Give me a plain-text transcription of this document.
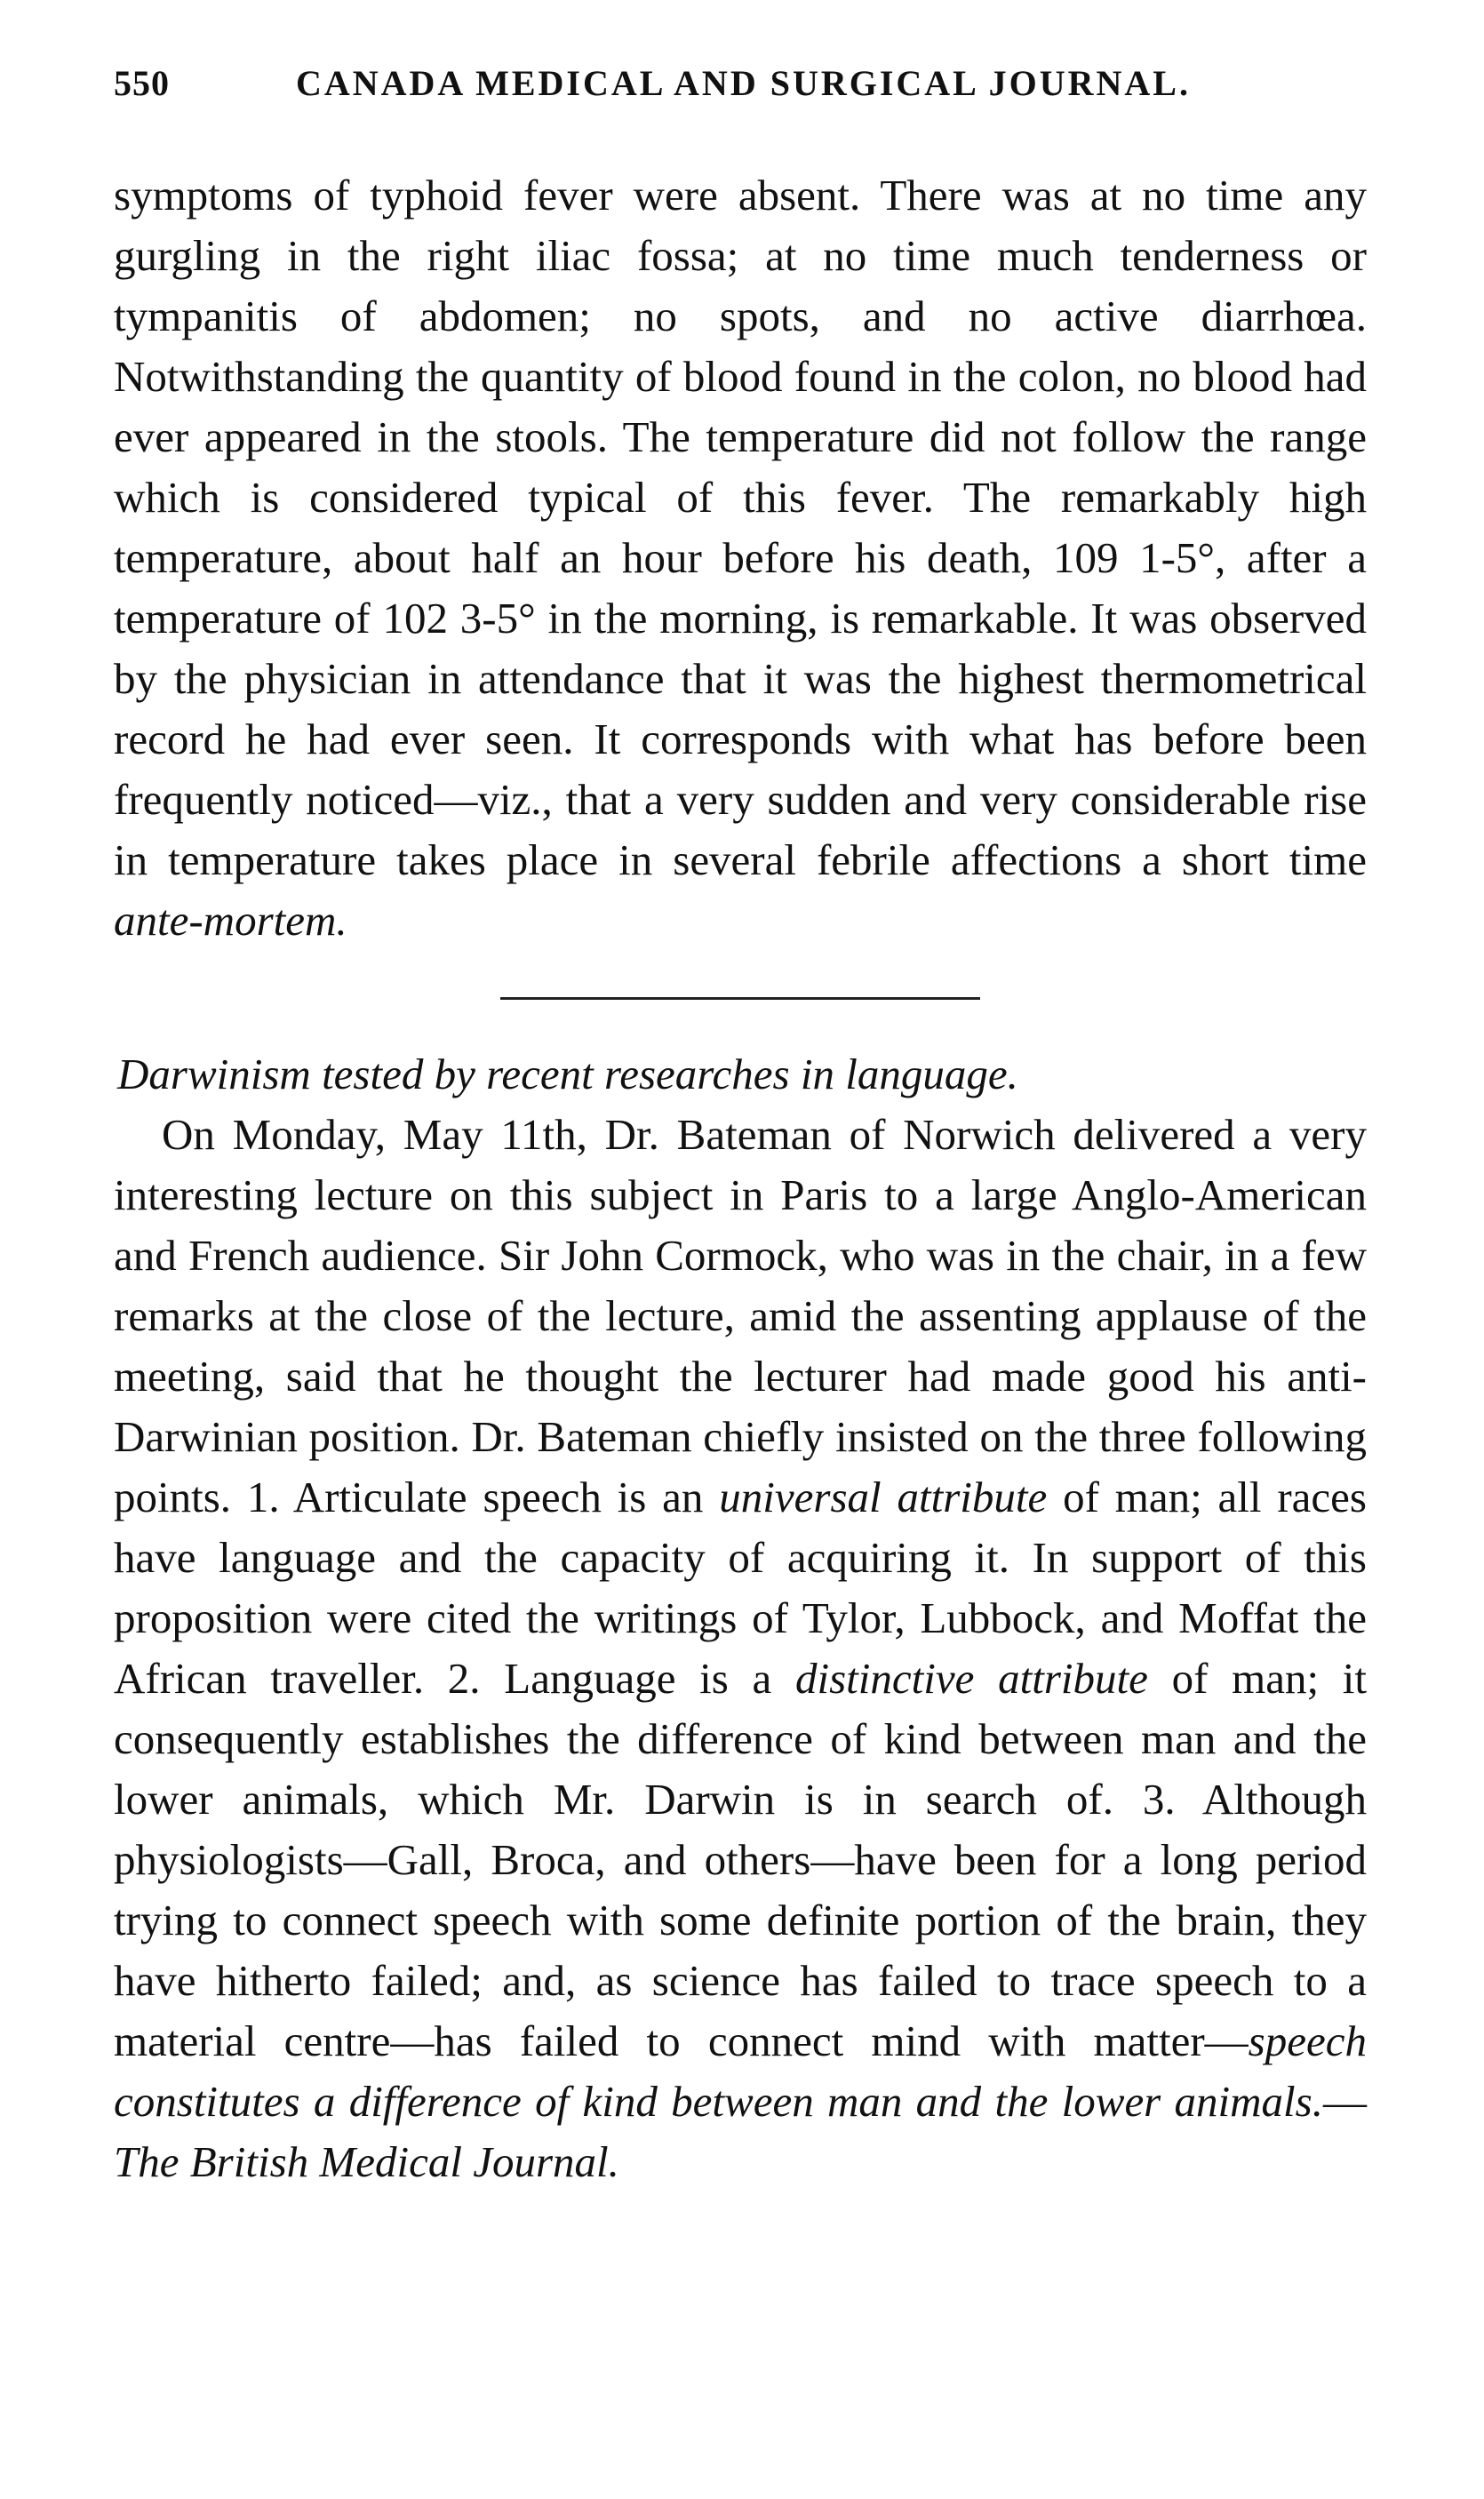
550	CANADA MEDICAL AND SURGICAL JOURNAL.

symptoms of typhoid fever were absent. There was at no time any gurgling in the right iliac fossa; at no time much tenderness or tympanitis of abdomen; no spots, and no active diarrhœa. Notwithstanding the quantity of blood found in the colon, no blood had ever appeared in the stools. The temperature did not follow the range which is considered typical of this fever. The remarkably high temperature, about half an hour before his death, 109 1-5°, after a temperature of 102 3-5° in the morning, is remarkable. It was observed by the physician in attendance that it was the highest thermometrical record he had ever seen. It corresponds with what has before been frequently noticed—viz., that a very sudden and very considerable rise in temperature takes place in several febrile affections a short time ante-mortem.

Darwinism tested by recent researches in language.

On Monday, May 11th, Dr. Bateman of Norwich delivered a very interesting lecture on this subject in Paris to a large Anglo-American and French audience. Sir John Cormock, who was in the chair, in a few remarks at the close of the lecture, amid the assenting applause of the meeting, said that he thought the lecturer had made good his anti-Darwinian position. Dr. Bateman chiefly insisted on the three following points. 1. Articulate speech is an universal attribute of man; all races have language and the capacity of acquiring it. In support of this proposition were cited the writings of Tylor, Lubbock, and Moffat the African traveller. 2. Language is a distinctive attribute of man; it consequently establishes the difference of kind between man and the lower animals, which Mr. Darwin is in search of. 3. Although physiologists—Gall, Broca, and others—have been for a long period trying to connect speech with some definite portion of the brain, they have hitherto failed; and, as science has failed to trace speech to a material centre—has failed to connect mind with matter—speech constitutes a difference of kind between man and the lower animals.—The British Medical Journal.
